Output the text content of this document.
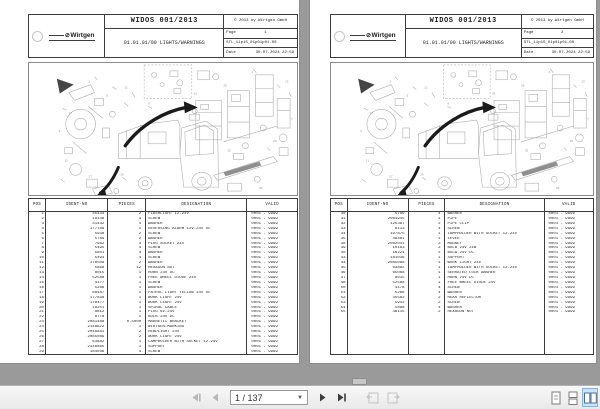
⊘ Wirtgen
WIDOS 001/2013	© 2013 by Wirtgen GmbH
01.01.01/00 LIGHTS/WARNINGS
Page	1
STL_11p1S_01p01p01-00
Date	30.07.2024 22:59
POS	IDENT-NO	PIECES	DESIGNATION	VALID
1	35434	2	FLASHLIGHT 12-24V	0001 - 9999
2	19148	4	SCREW	0001 - 9999
3	31432	4	WASHER	0001 - 9999
4	177788	1	REVERSING ALARM 12V-24V DC	0001 - 9999
5	5938	2	SCREW	0001 - 9999
6	5789	2	WASHER	0001 - 9999
7	7982	4	PLUG SOCKET 24V	0001 - 9999
8	5495	4	SCREW	0001 - 9999
9	5801	4	WASHER	0001 - 9999
10	5494	4	SCREW	0001 - 9999
11	170508	2	WASHER	0001 - 9999
12	5868	12	HEXAGON NUT	0001 - 9999
13	8015	1	HORN 24V DC	0001 - 9999
14	52588	1	FREE WHEEL DIODE 24V	0001 - 9999
15	4177	1	SCREW	0001 - 9999
16	5286	1	WASHER	0001 - 9999
17	68487	1	PATROL LIGHT YELLOW 24V DC	0001 - 9999
18	177838	1	WORK LIGHT 24V	0001 - 9999
19	178477	1	WORK LIGHT 24V	0001 - 9999
20	18251	1	SPIRAL CABLE	0001 - 9999
21	8812	1	PLUG 6V-24V	0001 - 9999
22	9778	1	BULB 24V DC	0001 - 9999
23	2081488	0.5000	MAGNETIC BRACKET	0001 - 9999
24	2148822	1	WIRTGEN-MARKING	0001 - 9999
25	2046881	2	HEADLIGHT 24V	0001 - 9999
26	2085089	2	WORK LIGHT 24V	0001 - 9999
27	63882	1	LAMPHOLDER WITH SOCKET 12-24V	0001 - 9999
28	2146865	1	SUPPORT	0001 - 9999
29	184036	4	SCREW	0001 - 9999
⊘ Wirtgen
WIDOS 001/2013	© 2013 by Wirtgen GmbH
01.01.01/00 LIGHTS/WARNINGS
Page	2
STL_11p1S_01p01p01-00
Date	30.07.2024 22:59
POS	IDENT-NO	PIECES	DESIGNATION	VALID
30	5799	4	WASHER	0001 - 9999
31	2064945	1	PIPE	0001 - 9999
32	125387	2	PIPE CLIP	0001 - 9999
33	6113	4	SCREW	0001 - 9999
34	197875	1	LAMPHOLDER WITH SOCKET 12-24V	0001 - 9999
35	49481	1	LEVER	0001 - 9999
38	2062041	2	MAGNET	0001 - 9999
39	10183	2	BULB 24V 21W	0001 - 9999
40	16224	2	BULB 24V DC	0001 - 9999
43	181036	1	SUPPORT	0001 - 9999
44	2085088	1	WORK LIGHT 24V	0001 - 9999
45	63882	1	LAMPHOLDER WITH SOCKET 12-24V	0001 - 9999
46	65068	1	SERRATED LOCK WASHER	0001 - 9999
47	8015	1	HORN 24V DC	0001 - 9999
48	52588	1	FREE WHEEL DIODE 24V	0001 - 9999
50	4178	4	SCREW	0001 - 9999
51	5286	4	WASHER	0001 - 9999
52	35582	2	REAR REFLECTOR	0001 - 9999
53	5942	2	SCREW	0001 - 9999
54	5888	4	WASHER	0001 - 9999
55	46115	2	HEXAGON NUT	0001 - 9999
1 / 137	▼
